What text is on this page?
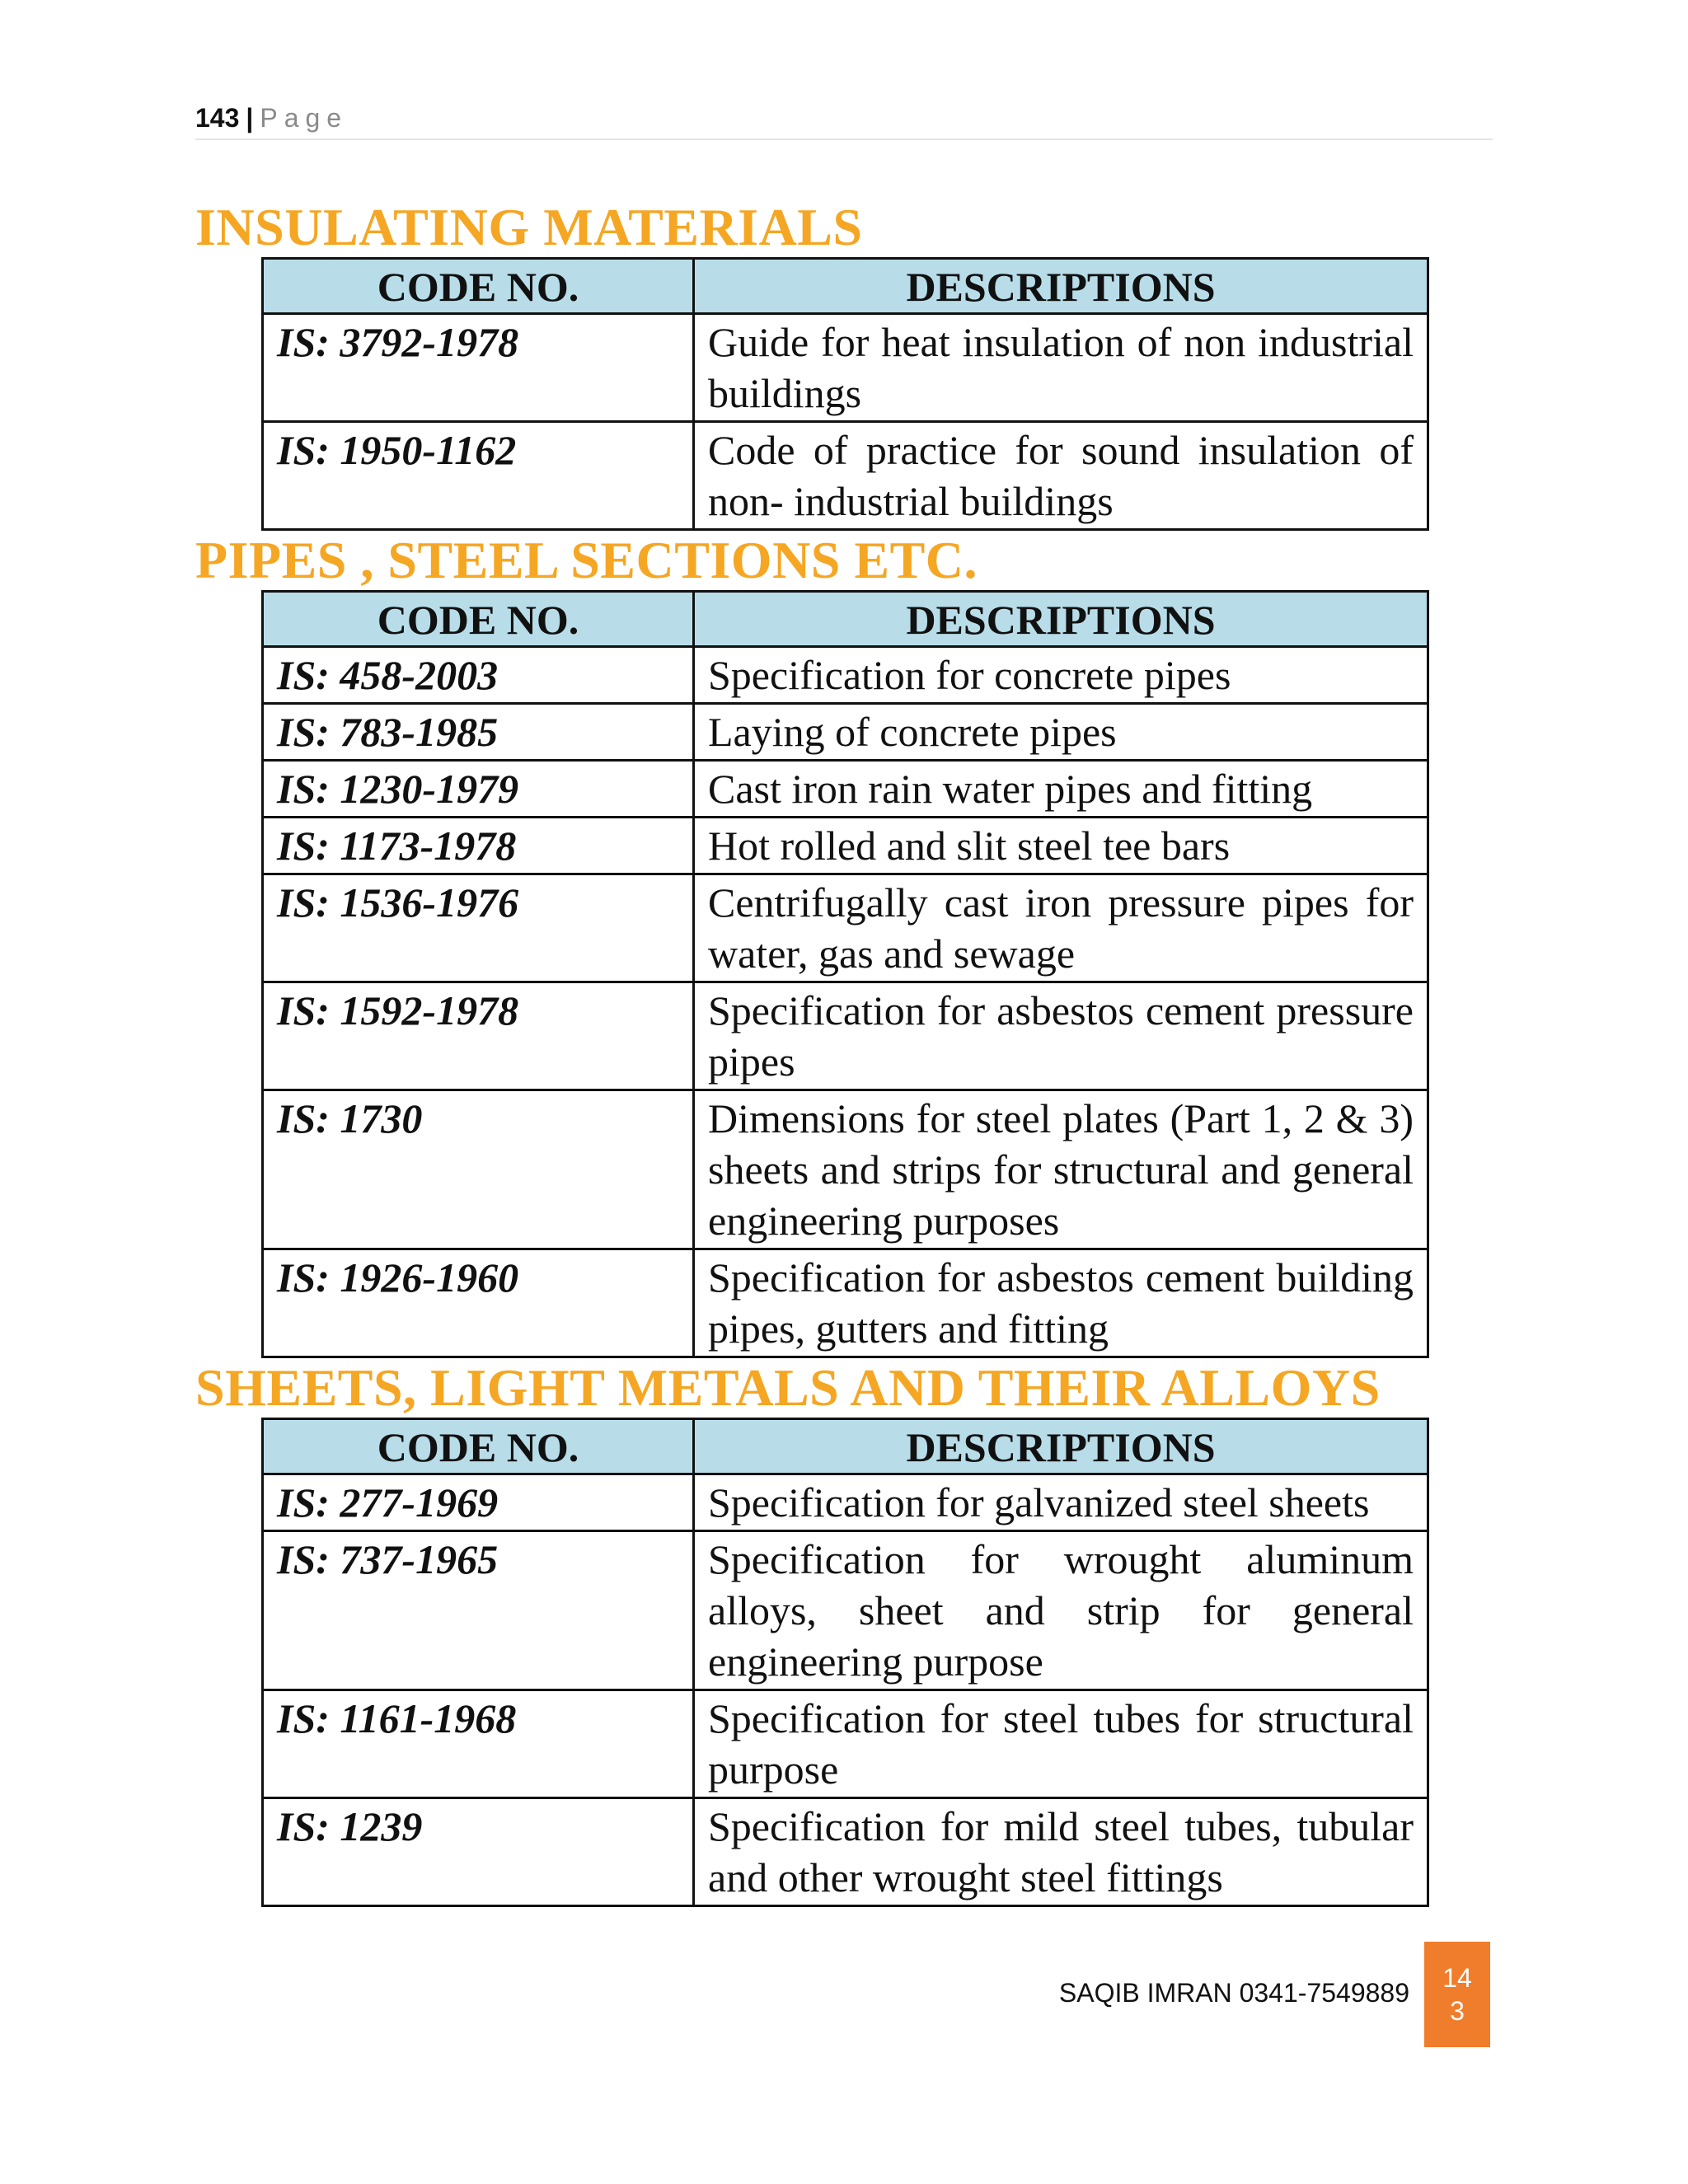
143 | Page
INSULATING MATERIALS
CODE NO.	DESCRIPTIONS
IS: 3792-1978	Guide for heat insulation of non industrial buildings
IS: 1950-1162	Code of practice for sound insulation of non- industrial buildings
PIPES , STEEL SECTIONS ETC.
CODE NO.	DESCRIPTIONS
IS: 458-2003	Specification for concrete pipes
IS: 783-1985	Laying of concrete pipes
IS: 1230-1979	Cast iron rain water pipes and fitting
IS: 1173-1978	Hot rolled and slit steel tee bars
IS: 1536-1976	Centrifugally cast iron pressure pipes for water, gas and sewage
IS: 1592-1978	Specification for asbestos cement pressure pipes
IS: 1730	Dimensions for steel plates (Part 1, 2 & 3) sheets and strips for structural and general engineering purposes
IS: 1926-1960	Specification for asbestos cement building pipes, gutters and fitting
SHEETS, LIGHT METALS AND THEIR ALLOYS
CODE NO.	DESCRIPTIONS
IS: 277-1969	Specification for galvanized steel sheets
IS: 737-1965	Specification for wrought aluminum alloys, sheet and strip for general engineering purpose
IS: 1161-1968	Specification for steel tubes for structural purpose
IS: 1239	Specification for mild steel tubes, tubular and other wrought steel fittings
SAQIB IMRAN 0341-7549889	14
3
